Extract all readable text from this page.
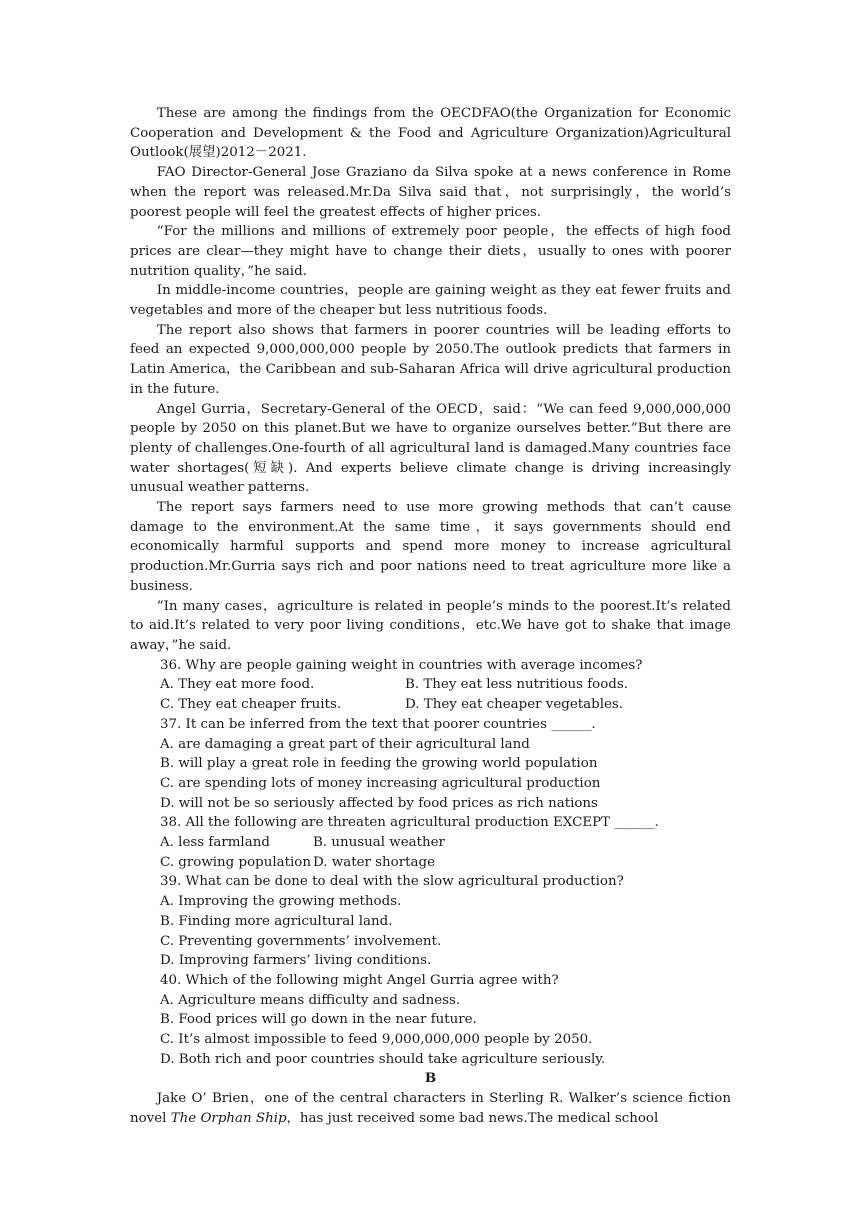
These are among the findings from the OECDFAO(the Organization for Economic Cooperation and Development & the Food and Agriculture Organization)Agricultural Outlook(展望)2012－2021.

FAO Director-General Jose Graziano da Silva spoke at a news conference in Rome when the report was released.Mr.Da Silva said that，not surprisingly，the world’s poorest people will feel the greatest effects of higher prices.

“For the millions and millions of extremely poor people，the effects of high food prices are clear—they might have to change their diets，usually to ones with poorer nutrition quality，”he said.

In middle-income countries，people are gaining weight as they eat fewer fruits and vegetables and more of the cheaper but less nutritious foods.

The report also shows that farmers in poorer countries will be leading efforts to feed an expected 9,000,000,000 people by 2050.The outlook predicts that farmers in Latin America，the Caribbean and sub-Saharan Africa will drive agricultural production in the future.

Angel Gurria，Secretary-General of the OECD，said：“We can feed 9,000,000,000 people by 2050 on this planet.But we have to organize ourselves better.”But there are plenty of challenges.One-fourth of all agricultural land is damaged.Many countries face water shortages(短缺). And experts believe climate change is driving increasingly unusual weather patterns.

The report says farmers need to use more growing methods that can’t cause damage to the environment.At the same time，it says governments should end economically harmful supports and spend more money to increase agricultural production.Mr.Gurria says rich and poor nations need to treat agriculture more like a business.

“In many cases，agriculture is related in people’s minds to the poorest.It’s related to aid.It’s related to very poor living conditions，etc.We have got to shake that image away，”he said.

36. Why are people gaining weight in countries with average incomes?

A. They eat more food.	B. They eat less nutritious foods.
C. They eat cheaper fruits.	D. They eat cheaper vegetables.

37. It can be inferred from the text that poorer countries ______.

A. are damaging a great part of their agricultural land

B. will play a great role in feeding the growing world population

C. are spending lots of money increasing agricultural production

D. will not be so seriously affected by food prices as rich nations

38. All the following are threaten agricultural production EXCEPT ______.

A. less farmland	B. unusual weather
C. growing population D. water shortage

39. What can be done to deal with the slow agricultural production?

A. Improving the growing methods.

B. Finding more agricultural land.

C. Preventing governments’ involvement.

D. Improving farmers’ living conditions.

40. Which of the following might Angel Gurria agree with?

A. Agriculture means difficulty and sadness.

B. Food prices will go down in the near future.

C. It’s almost impossible to feed 9,000,000,000 people by 2050.

D. Both rich and poor countries should take agriculture seriously.

B

Jake O’ Brien，one of the central characters in Sterling R. Walker’s science fiction novel The Orphan Ship，has just received some bad news.The medical school
